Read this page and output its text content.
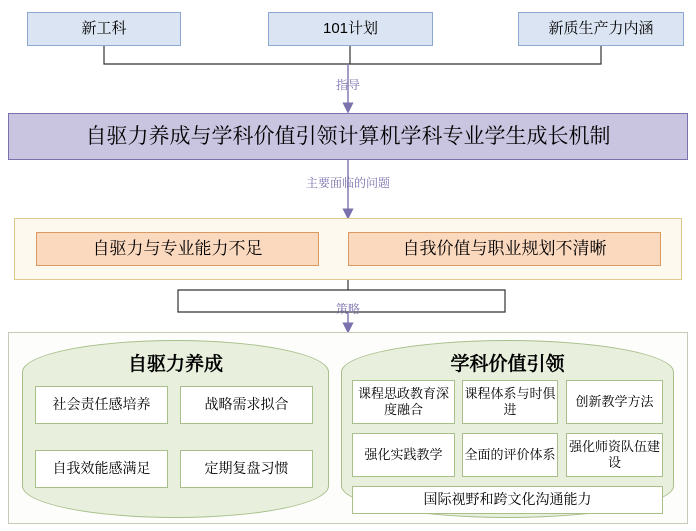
新工科	101计划	新质生产力内涵
指导
主要面临的问题
策略
自驱力养成与学科价值引领计算机学科专业学生成长机制
自驱力与专业能力不足	自我价值与职业规划不清晰
自驱力养成	学科价值引领
社会责任感培养	战略需求拟合
自我效能感满足	定期复盘习惯
课程思政教育深度融合
课程体系与时俱进
创新教学方法
强化实践教学	全面的评价体系
强化师资队伍建设
国际视野和跨文化沟通能力
